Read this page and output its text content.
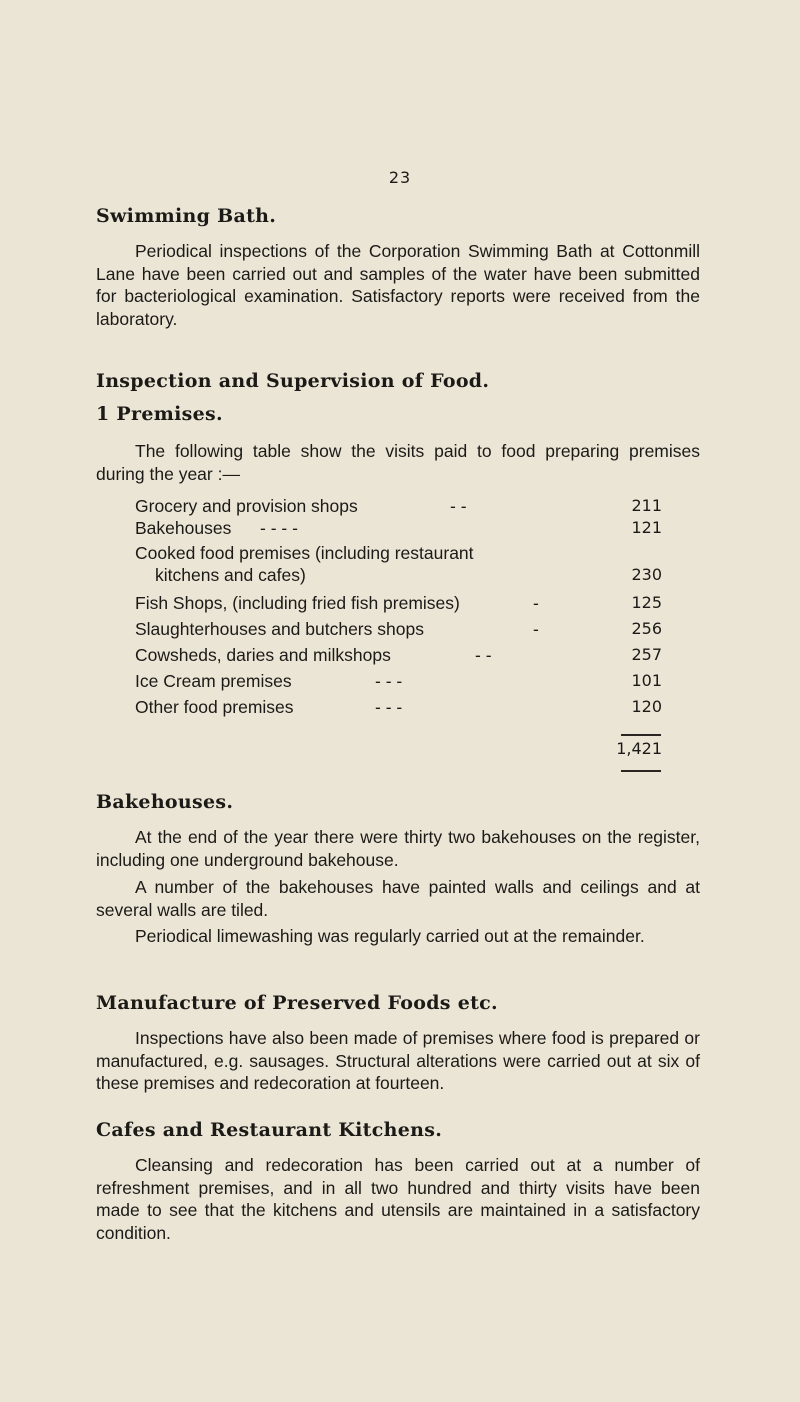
23
Swimming Bath.

Periodical inspections of the Corporation Swimming Bath at Cottonmill Lane have been carried out and samples of the water have been submitted for bacteriological examination. Satisfactory reports were received from the laboratory.

Inspection and Supervision of Food.
1 Premises.

The following table show the visits paid to food preparing premises during the year :—

Grocery and provision shops	- -	211
Bakehouses - - - -	121
Cooked food premises (including restaurant
kitchens and cafes)	230
Fish Shops, (including fried fish premises)	-	125
Slaughterhouses and butchers shops	-	256
Cowsheds, daries and milkshops	- -	257
Ice Cream premises	- - -	101
Other food premises	- - -	120
1,421
Bakehouses.

At the end of the year there were thirty two bakehouses on the register, including one underground bakehouse.

A number of the bakehouses have painted walls and ceilings and at several walls are tiled.

Periodical limewashing was regularly carried out at the remainder.

Manufacture of Preserved Foods etc.

Inspections have also been made of premises where food is prepared or manufactured, e.g. sausages. Structural alterations were carried out at six of these premises and redecoration at fourteen.

Cafes and Restaurant Kitchens.

Cleansing and redecoration has been carried out at a number of refreshment premises, and in all two hundred and thirty visits have been made to see that the kitchens and utensils are maintained in a satisfactory condition.
